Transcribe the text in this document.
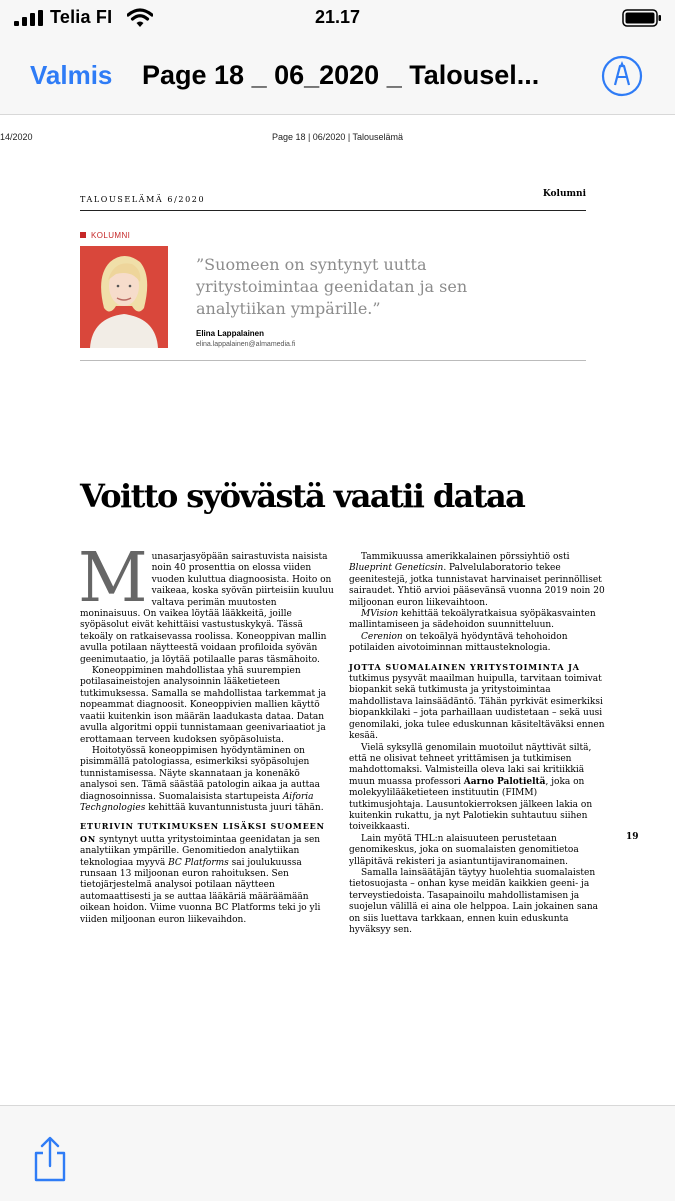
Telia FI	21.17
Valmis Page 18 _ 06_2020 _ Talousel...
14/2020	Page 18 | 06/2020 | Talouselämä
TALOUSELÄMÄ 6/2020
Kolumni
KOLUMNI
”Suomeen on syntynyt uutta yritystoimintaa geenidatan ja sen analytiikan ympärille.”
Elina Lappalainen
elina.lappalainen@almamedia.fi
Voitto syövästä vaatii dataa

Munasarjasyöpään sairastuvista naisista noin 40 prosenttia on elossa viiden vuoden kuluttua diagnoosista. Hoito on vaikeaa, koska syövän piirteisiin kuuluu valtava perimän muutosten moninaisuus. On vaikea löytää lääkkeitä, joille syöpäsolut eivät kehittäisi vastustuskykyä. Tässä tekoäly on ratkaisevassa roolissa. Koneoppivan mallin avulla potilaan näytteestä voidaan profiloida syövän geenimutaatio, ja löytää potilaalle paras täsmähoito.

Koneoppiminen mahdollistaa yhä suurempien potilasaineistojen analysoinnin lääketieteen tutkimuksessa. Samalla se mahdollistaa tarkemmat ja nopeammat diagnoosit. Koneoppivien mallien käyttö vaatii kuitenkin ison määrän laadukasta dataa. Datan avulla algoritmi oppii tunnistamaan geenivariaatiot ja erottamaan terveen kudoksen syöpäsoluista.

Hoitotyössä koneoppimisen hyödyntäminen on pisimmällä patologiassa, esimerkiksi syöpäsolujen tunnistamisessa. Näyte skannataan ja konenäkö analysoi sen. Tämä säästää patologin aikaa ja auttaa diagnosoinnissa. Suomalaisista startupeista Aiforia Techgnologies kehittää kuvantunnistusta juuri tähän.

ETURIVIN TUTKIMUKSEN LISÄKSI SUOMEEN ON syntynyt uutta yritystoimintaa geenidatan ja sen analytiikan ympärille. Genomitiedon analytiikan teknologiaa myyvä BC Platforms sai joulukuussa runsaan 13 miljoonan euron rahoituksen. Sen tietojärjestelmä analysoi potilaan näytteen automaattisesti ja se auttaa lääkäriä määräämään oikean hoidon. Viime vuonna BC Platforms teki jo yli viiden miljoonan euron liikevaihdon.

Tammikuussa amerikkalainen pörssiyhtiö osti Blueprint Geneticsin. Palvelulaboratorio tekee geenitestejä, jotka tunnistavat harvinaiset perinnölliset sairaudet. Yhtiö arvioi pääsevänsä vuonna 2019 noin 20 miljoonan euron liikevaihtoon.

MVision kehittää tekoälyratkaisua syöpäkasvainten mallintamiseen ja sädehoidon suunnitteluun.

Cerenion on tekoälyä hyödyntävä tehohoidon potilaiden aivotoiminnan mittausteknologia.

JOTTA SUOMALAINEN YRITYSTOIMINTA JA tutkimus pysyvät maailman huipulla, tarvitaan toimivat biopankit sekä tutkimusta ja yritystoimintaa mahdollistava lainsäädäntö. Tähän pyrkivät esimerkiksi biopankkilaki – jota parhaillaan uudistetaan – sekä uusi genomilaki, joka tulee eduskunnan käsiteltäväksi ennen kesää.

Vielä syksyllä genomilain muotoilut näyttivät siltä, että ne olisivat tehneet yrittämisen ja tutkimisen mahdottomaksi. Valmisteilla oleva laki sai kritiikkiä muun muassa professori Aarno Palotieltä, joka on molekyylilääketieteen instituutin (FIMM) tutkimusjohtaja. Lausuntokierroksen jälkeen lakia on kuitenkin rukattu, ja nyt Palotiekin suhtautuu siihen toiveikkaasti.

Lain myötä THL:n alaisuuteen perustetaan genomikeskus, joka on suomalaisten genomitietoa ylläpitävä rekisteri ja asiantuntijaviranomainen.

Samalla lainsäätäjän täytyy huolehtia suomalaisten tietosuojasta – onhan kyse meidän kaikkien geeni- ja terveystiedoista. Tasapainoilu mahdollistamisen ja suojelun välillä ei aina ole helppoa. Lain jokainen sana on siis luettava tarkkaan, ennen kuin eduskunta hyväksyy sen.

19
